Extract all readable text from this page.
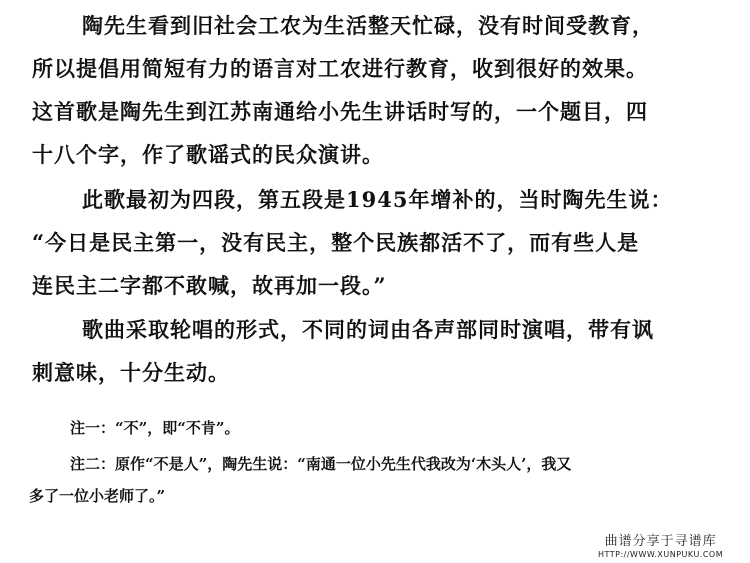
陶先生看到旧社会工农为生活整天忙碌，没有时间受教育，
所以提倡用简短有力的语言对工农进行教育，收到很好的效果。
这首歌是陶先生到江苏南通给小先生讲话时写的，一个题目，四
十八个字，作了歌谣式的民众演讲。

此歌最初为四段，第五段是1945年增补的，当时陶先生说：
“今日是民主第一，没有民主，整个民族都活不了，而有些人是
连民主二字都不敢喊，故再加一段。”

歌曲采取轮唱的形式，不同的词由各声部同时演唱，带有讽
刺意味，十分生动。

注一：“不”，即“不肯”。

注二：原作“不是人”，陶先生说：“南通一位小先生代我改为‘木头人’，我又
多了一位小老师了。”
曲谱分享于寻谱库
HTTP://WWW.XUNPUKU.COM
